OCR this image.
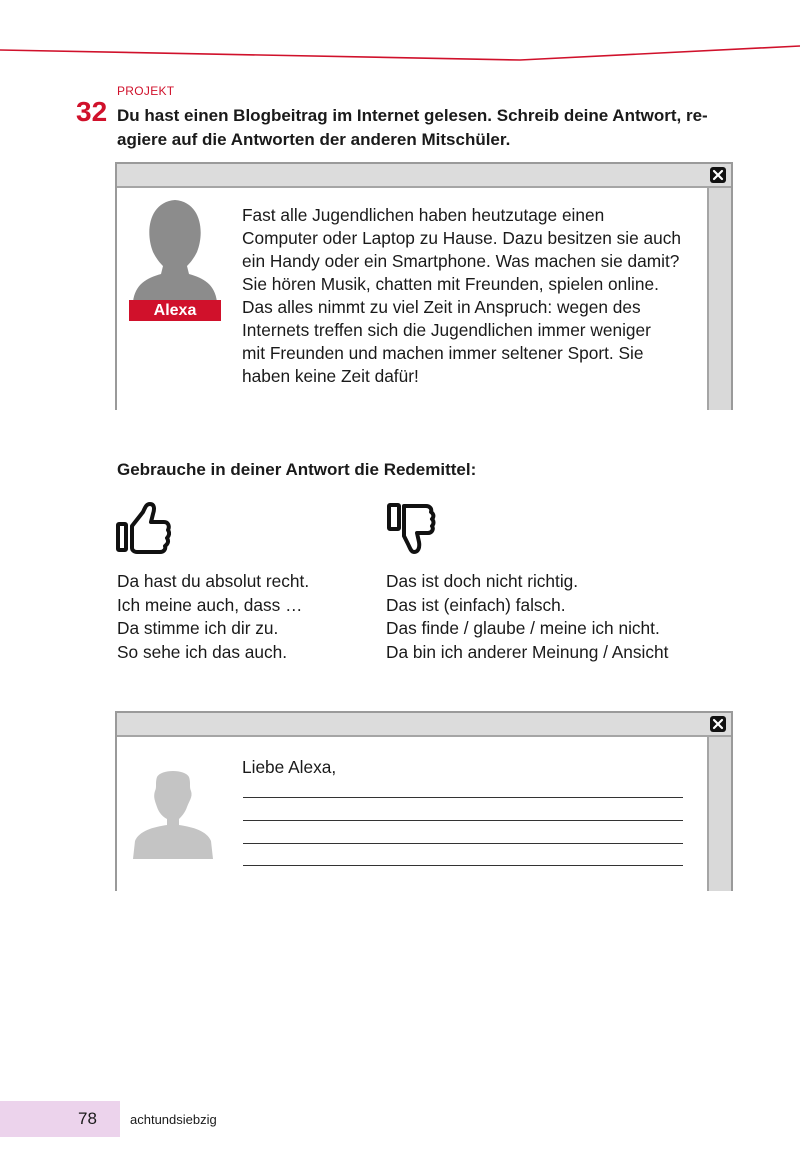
PROJEKT
32 Du hast einen Blogbeitrag im Internet gelesen. Schreib deine Antwort, re-agiere auf die Antworten der anderen Mitschüler.
Alexa
Fast alle Jugendlichen haben heutzutage einen
Computer oder Laptop zu Hause. Dazu besitzen sie auch
ein Handy oder ein Smartphone. Was machen sie damit?
Sie hören Musik, chatten mit Freunden, spielen online.
Das alles nimmt zu viel Zeit in Anspruch: wegen des
Internets treffen sich die Jugendlichen immer weniger
mit Freunden und machen immer seltener Sport. Sie
haben keine Zeit dafür!
Gebrauche in deiner Antwort die Redemittel:
Da hast du absolut recht.
Ich meine auch, dass …
Da stimme ich dir zu.
So sehe ich das auch.
Das ist doch nicht richtig.
Das ist (einfach) falsch.
Das finde / glaube / meine ich nicht.
Da bin ich anderer Meinung / Ansicht
Liebe Alexa,
78	achtundsiebzig
